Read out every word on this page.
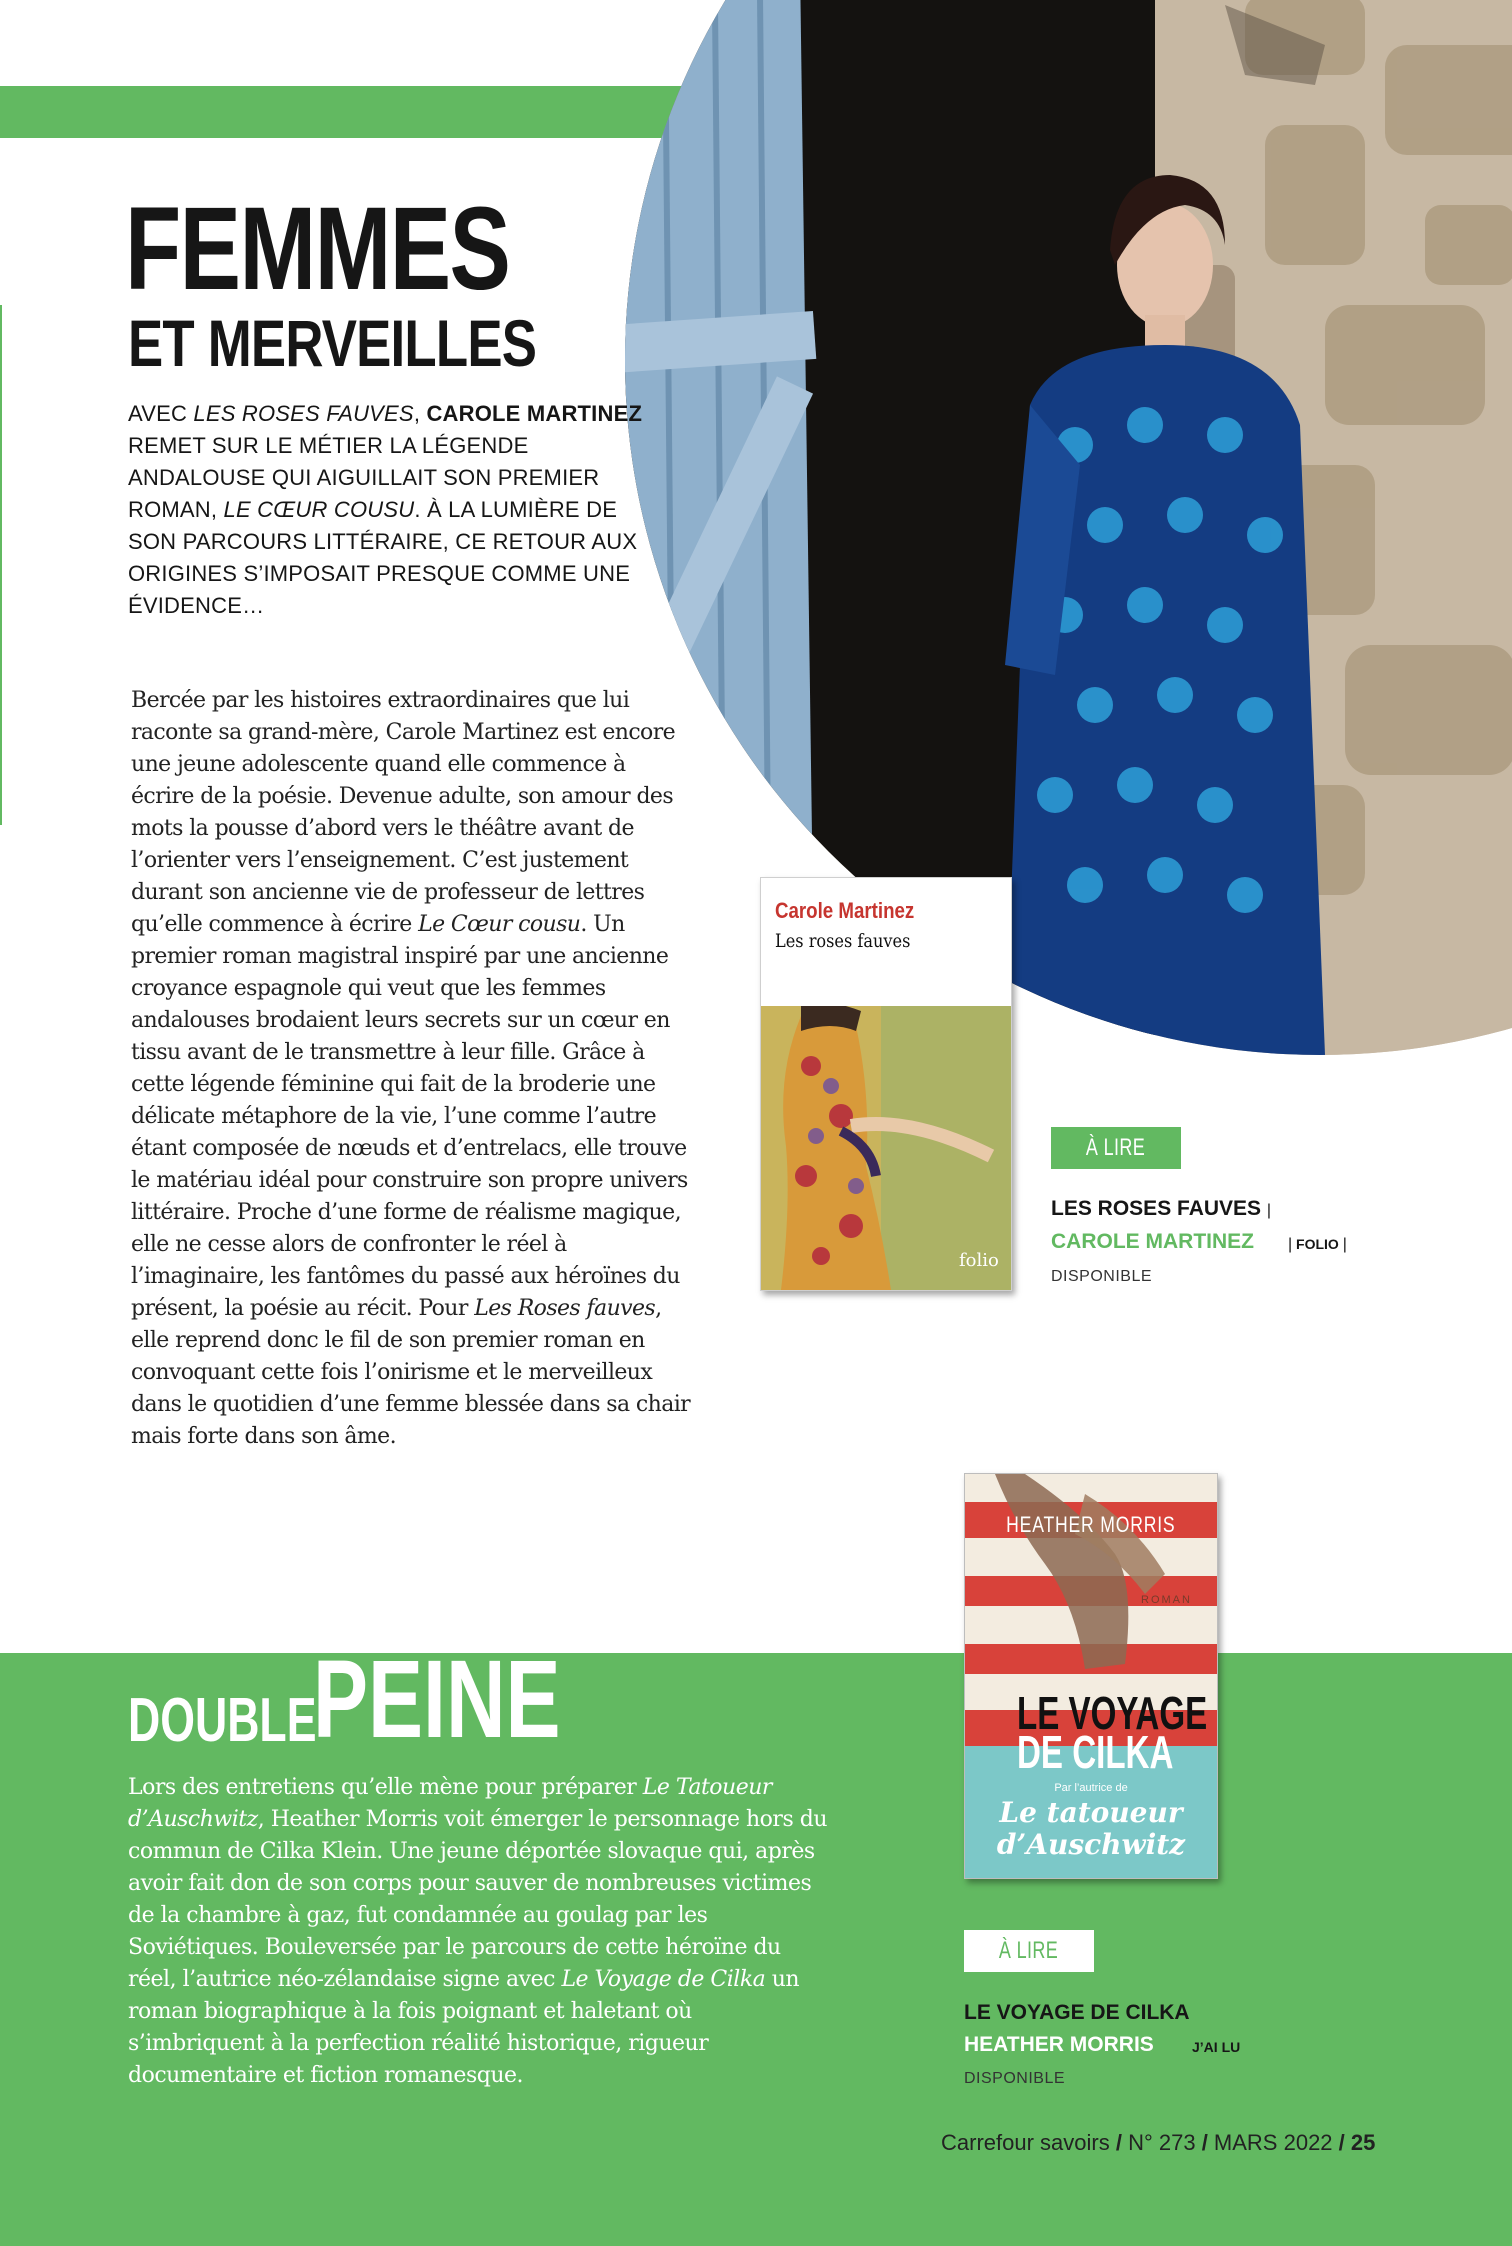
FEMMES
ET MERVEILLES
AVEC LES ROSES FAUVES, CAROLE MARTINEZ REMET SUR LE MÉTIER LA LÉGENDE ANDALOUSE QUI AIGUILLAIT SON PREMIER ROMAN, LE CŒUR COUSU. À LA LUMIÈRE DE SON PARCOURS LITTÉRAIRE, CE RETOUR AUX ORIGINES S’IMPOSAIT PRESQUE COMME UNE ÉVIDENCE…

Bercée par les histoires extraordinaires que lui raconte sa grand-mère, Carole Martinez est encore une jeune adolescente quand elle commence à écrire de la poésie. Devenue adulte, son amour des mots la pousse d’abord vers le théâtre avant de l’orienter vers l’enseignement. C’est justement durant son ancienne vie de professeur de lettres qu’elle commence à écrire Le Cœur cousu. Un premier roman magistral inspiré par une ancienne croyance espagnole qui veut que les femmes andalouses brodaient leurs secrets sur un cœur en tissu avant de le transmettre à leur fille. Grâce à cette légende féminine qui fait de la broderie une délicate métaphore de la vie, l’une comme l’autre étant composée de nœuds et d’entrelacs, elle trouve le matériau idéal pour construire son propre univers littéraire. Proche d’une forme de réalisme magique, elle ne cesse alors de confronter le réel à l’imaginaire, les fantômes du passé aux héroïnes du présent, la poésie au récit. Pour Les Roses fauves, elle reprend donc le fil de son premier roman en convoquant cette fois l’onirisme et le merveilleux dans le quotidien d’une femme blessée dans sa chair mais forte dans son âme.

Carole Martinez
Les roses fauves
folio
À LIRE
LES ROSES FAUVES |
CAROLE MARTINEZ | FOLIO |
DISPONIBLE
DOUBLE
PEINE

Lors des entretiens qu’elle mène pour préparer Le Tatoueur d’Auschwitz, Heather Morris voit émerger le personnage hors du commun de Cilka Klein. Une jeune déportée slovaque qui, après avoir fait don de son corps pour sauver de nombreuses victimes de la chambre à gaz, fut condamnée au goulag par les Soviétiques. Bouleversée par le parcours de cette héroïne du réel, l’autrice néo-zélandaise signe avec Le Voyage de Cilka un roman biographique à la fois poignant et haletant où s’imbriquent à la perfection réalité historique, rigueur documentaire et fiction romanesque.

HEATHER MORRIS
ROMAN
LE VOYAGE
DE CILKA
Par l’autrice de
Le tatoueur
d’Auschwitz
À LIRE
LE VOYAGE DE CILKA
HEATHER MORRIS	J’AI LU
DISPONIBLE
Carrefour savoirs / N° 273 / MARS 2022 / 25
